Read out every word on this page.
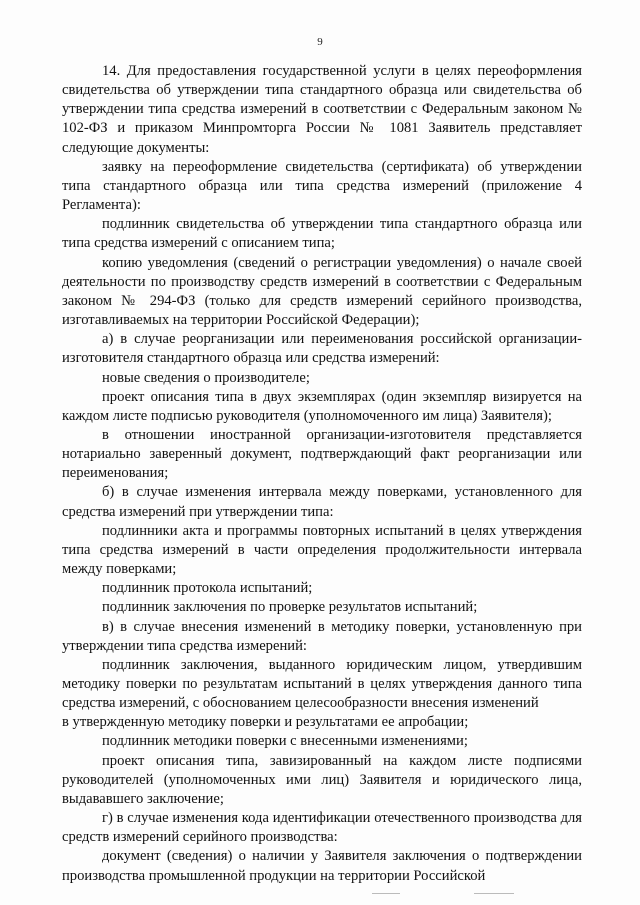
9

14. Для предоставления государственной услуги в целях переоформления свидетельства об утверждении типа стандартного образца или свидетельства об утверждении типа средства измерений в соответствии с Федеральным законом № 102-ФЗ и приказом Минпромторга России № 1081 Заявитель представляет следующие документы:

заявку на переоформление свидетельства (сертификата) об утверждении типа стандартного образца или типа средства измерений (приложение 4 Регламента):

подлинник свидетельства об утверждении типа стандартного образца или типа средства измерений с описанием типа;

копию уведомления (сведений о регистрации уведомления) о начале своей деятельности по производству средств измерений в соответствии с Федеральным законом № 294-ФЗ (только для средств измерений серийного производства, изготавливаемых на территории Российской Федерации);

а) в случае реорганизации или переименования российской организации-изготовителя стандартного образца или средства измерений:

новые сведения о производителе;

проект описания типа в двух экземплярах (один экземпляр визируется на каждом листе подписью руководителя (уполномоченного им лица) Заявителя);

в отношении иностранной организации-изготовителя представляется нотариально заверенный документ, подтверждающий факт реорганизации или переименования;

б) в случае изменения интервала между поверками, установленного для средства измерений при утверждении типа:

подлинники акта и программы повторных испытаний в целях утверждения типа средства измерений в части определения продолжительности интервала между поверками;

подлинник протокола испытаний;

подлинник заключения по проверке результатов испытаний;

в) в случае внесения изменений в методику поверки, установленную при утверждении типа средства измерений:

подлинник заключения, выданного юридическим лицом, утвердившим методику поверки по результатам испытаний в целях утверждения данного типа средства измерений, с обоснованием целесообразности внесения изменений

в утвержденную методику поверки и результатами ее апробации;

подлинник методики поверки с внесенными изменениями;

проект описания типа, завизированный на каждом листе подписями руководителей (уполномоченных ими лиц) Заявителя и юридического лица, выдававшего заключение;

г) в случае изменения кода идентификации отечественного производства для средств измерений серийного производства:

документ (сведения) о наличии у Заявителя заключения о подтверждении производства промышленной продукции на территории Российской
